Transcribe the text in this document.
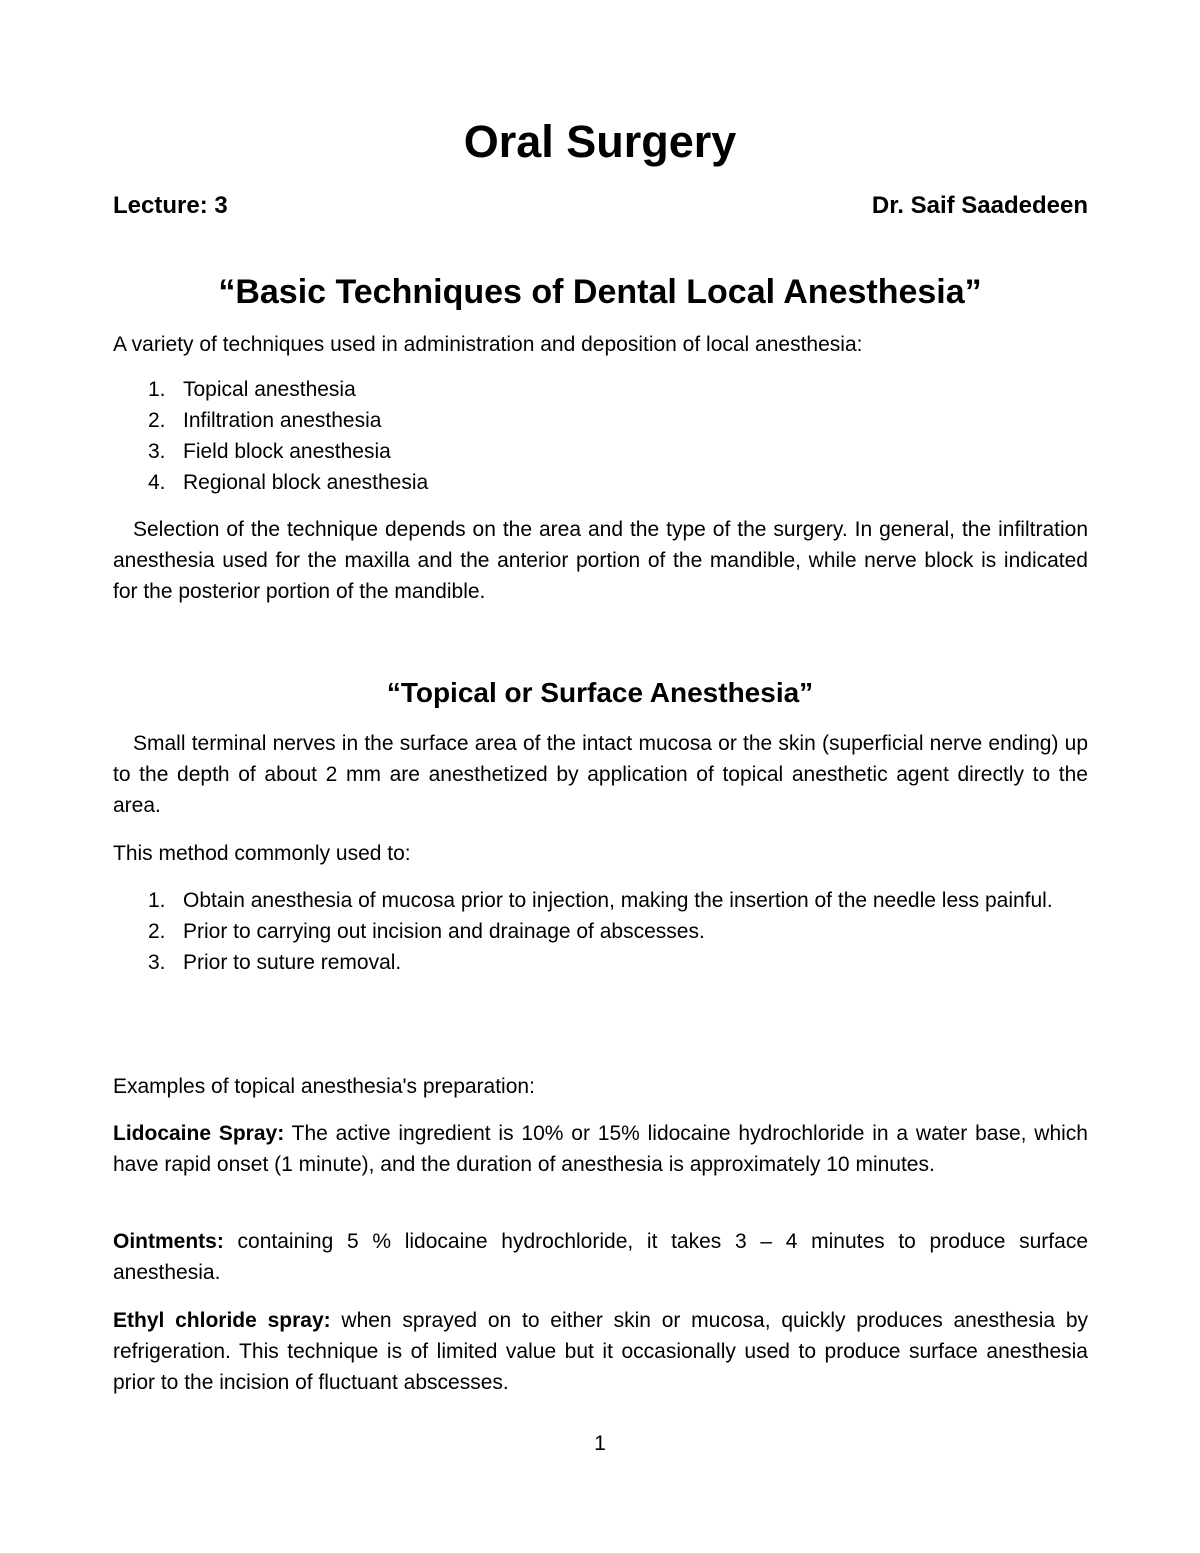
Oral Surgery
Lecture: 3	Dr. Saif Saadedeen
“Basic Techniques of Dental Local Anesthesia”

A variety of techniques used in administration and deposition of local anesthesia:

1. Topical anesthesia
2. Infiltration anesthesia
3. Field block anesthesia
4. Regional block anesthesia

Selection of the technique depends on the area and the type of the surgery. In general, the infiltration anesthesia used for the maxilla and the anterior portion of the mandible, while nerve block is indicated for the posterior portion of the mandible.

“Topical or Surface Anesthesia”

Small terminal nerves in the surface area of the intact mucosa or the skin (superficial nerve ending) up to the depth of about 2 mm are anesthetized by application of topical anesthetic agent directly to the area.

This method commonly used to:

1. Obtain anesthesia of mucosa prior to injection, making the insertion of the needle less painful.
2. Prior to carrying out incision and drainage of abscesses.
3. Prior to suture removal.

Examples of topical anesthesia's preparation:

Lidocaine Spray: The active ingredient is 10% or 15% lidocaine hydrochloride in a water base, which have rapid onset (1 minute), and the duration of anesthesia is approximately 10 minutes.

Ointments: containing 5 % lidocaine hydrochloride, it takes 3 – 4 minutes to produce surface anesthesia.

Ethyl chloride spray: when sprayed on to either skin or mucosa, quickly produces anesthesia by refrigeration. This technique is of limited value but it occasionally used to produce surface anesthesia prior to the incision of fluctuant abscesses.

1
